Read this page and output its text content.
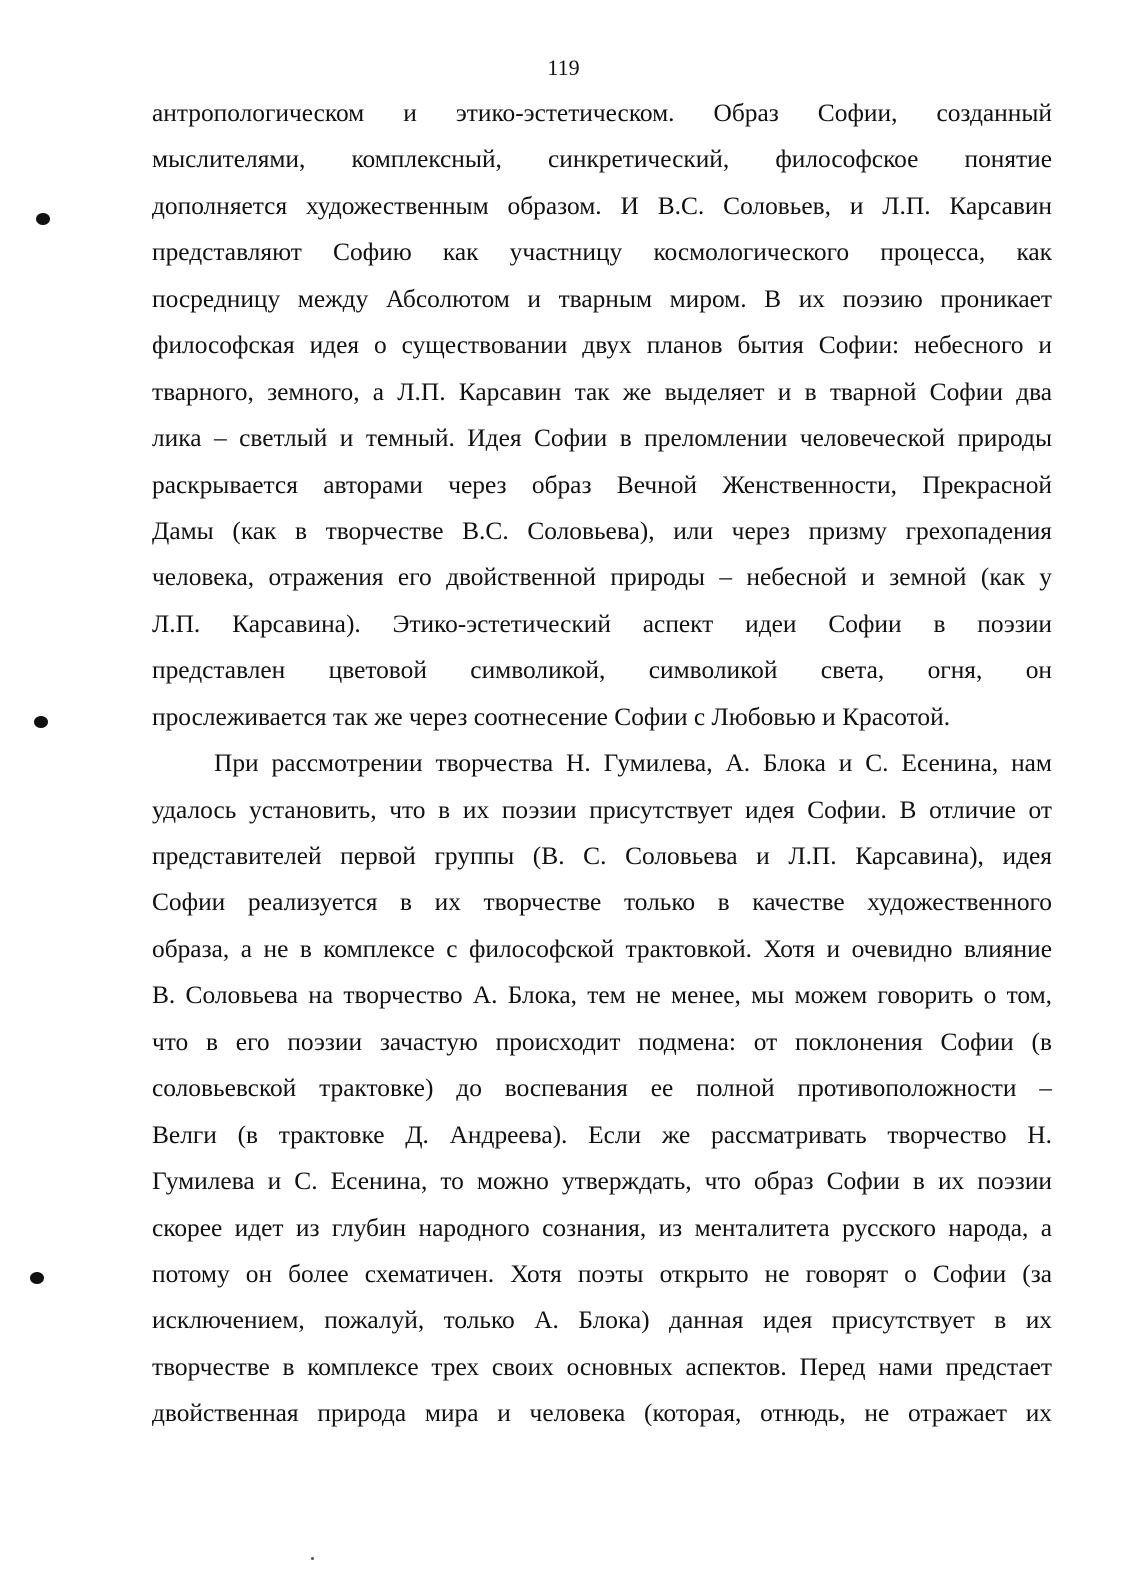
119
антропологическом и этико-эстетическом. Образ Софии, созданный
мыслителями, комплексный, синкретический, философское понятие
дополняется художественным образом. И В.С. Соловьев, и Л.П. Карсавин
представляют Софию как участницу космологического процесса, как
посредницу между Абсолютом и тварным миром. В их поэзию проникает
философская идея о существовании двух планов бытия Софии: небесного и
тварного, земного, а Л.П. Карсавин так же выделяет и в тварной Софии два
лика – светлый и темный. Идея Софии в преломлении человеческой природы
раскрывается авторами через образ Вечной Женственности, Прекрасной
Дамы (как в творчестве В.С. Соловьева), или через призму грехопадения
человека, отражения его двойственной природы – небесной и земной (как у
Л.П. Карсавина). Этико-эстетический аспект идеи Софии в поэзии
представлен цветовой символикой, символикой света, огня, он
прослеживается так же через соотнесение Софии с Любовью и Красотой.
При рассмотрении творчества Н. Гумилева, А. Блока и С. Есенина, нам
удалось установить, что в их поэзии присутствует идея Софии. В отличие от
представителей первой группы (В. С. Соловьева и Л.П. Карсавина), идея
Софии реализуется в их творчестве только в качестве художественного
образа, а не в комплексе с философской трактовкой. Хотя и очевидно влияние
В. Соловьева на творчество А. Блока, тем не менее, мы можем говорить о том,
что в его поэзии зачастую происходит подмена: от поклонения Софии (в
соловьевской трактовке) до воспевания ее полной противоположности –
Велги (в трактовке Д. Андреева). Если же рассматривать творчество Н.
Гумилева и С. Есенина, то можно утверждать, что образ Софии в их поэзии
скорее идет из глубин народного сознания, из менталитета русского народа, а
потому он более схематичен. Хотя поэты открыто не говорят о Софии (за
исключением, пожалуй, только А. Блока) данная идея присутствует в их
творчестве в комплексе трех своих основных аспектов. Перед нами предстает
двойственная природа мира и человека (которая, отнюдь, не отражает их
